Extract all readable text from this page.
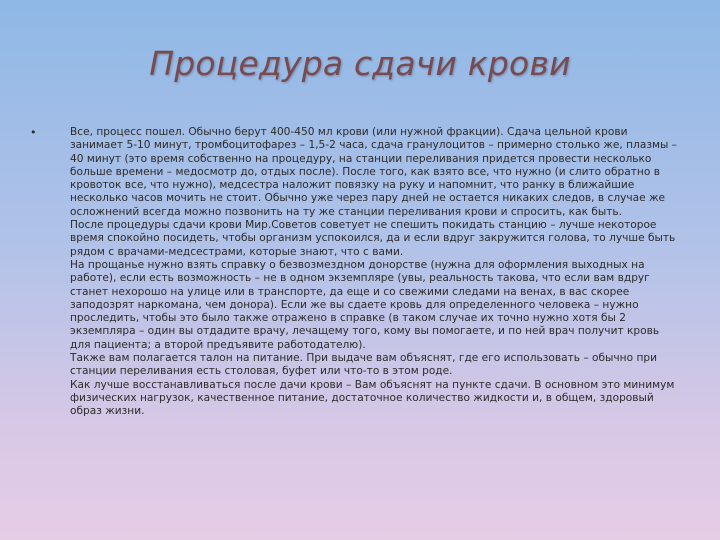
Процедура сдачи крови
•	Все, процесс пошел. Обычно берут 400-450 мл крови (или нужной фракции). Сдача цельной крови занимает 5-10 минут, тромбоцитофарез – 1,5-2 часа, сдача гранулоцитов – примерно столько же, плазмы – 40 минут (это время собственно на процедуру, на станции переливания придется провести несколько больше времени – медосмотр до, отдых после). После того, как взято все, что нужно (и слито обратно в кровоток все, что нужно), медсестра наложит повязку на руку и напомнит, что ранку в ближайшие несколько часов мочить не стоит. Обычно уже через пару дней не остается никаких следов, в случае же осложнений всегда можно позвонить на ту же станции переливания крови и спросить, как быть.

После процедуры сдачи крови Мир.Советов советует не спешить покидать станцию – лучше некоторое время спокойно посидеть, чтобы организм успокоился, да и если вдруг закружится голова, то лучше быть рядом с врачами-медсестрами, которые знают, что с вами.

На прощанье нужно взять справку о безвозмездном донорстве (нужна для оформления выходных на работе), если есть возможность – не в одном экземпляре (увы, реальность такова, что если вам вдруг станет нехорошо на улице или в транспорте, да еще и со свежими следами на венах, в вас скорее заподозрят наркомана, чем донора). Если же вы сдаете кровь для определенного человека – нужно проследить, чтобы это было также отражено в справке (в таком случае их точно нужно хотя бы 2 экземпляра – один вы отдадите врачу, лечащему того, кому вы помогаете, и по ней врач получит кровь для пациента; а второй предъявите работодателю).

Также вам полагается талон на питание. При выдаче вам объяснят, где его использовать – обычно при станции переливания есть столовая, буфет или что-то в этом роде.

Как лучше восстанавливаться после дачи крови – Вам объяснят на пункте сдачи. В основном это минимум физических нагрузок, качественное питание, достаточное количество жидкости и, в общем, здоровый образ жизни.
